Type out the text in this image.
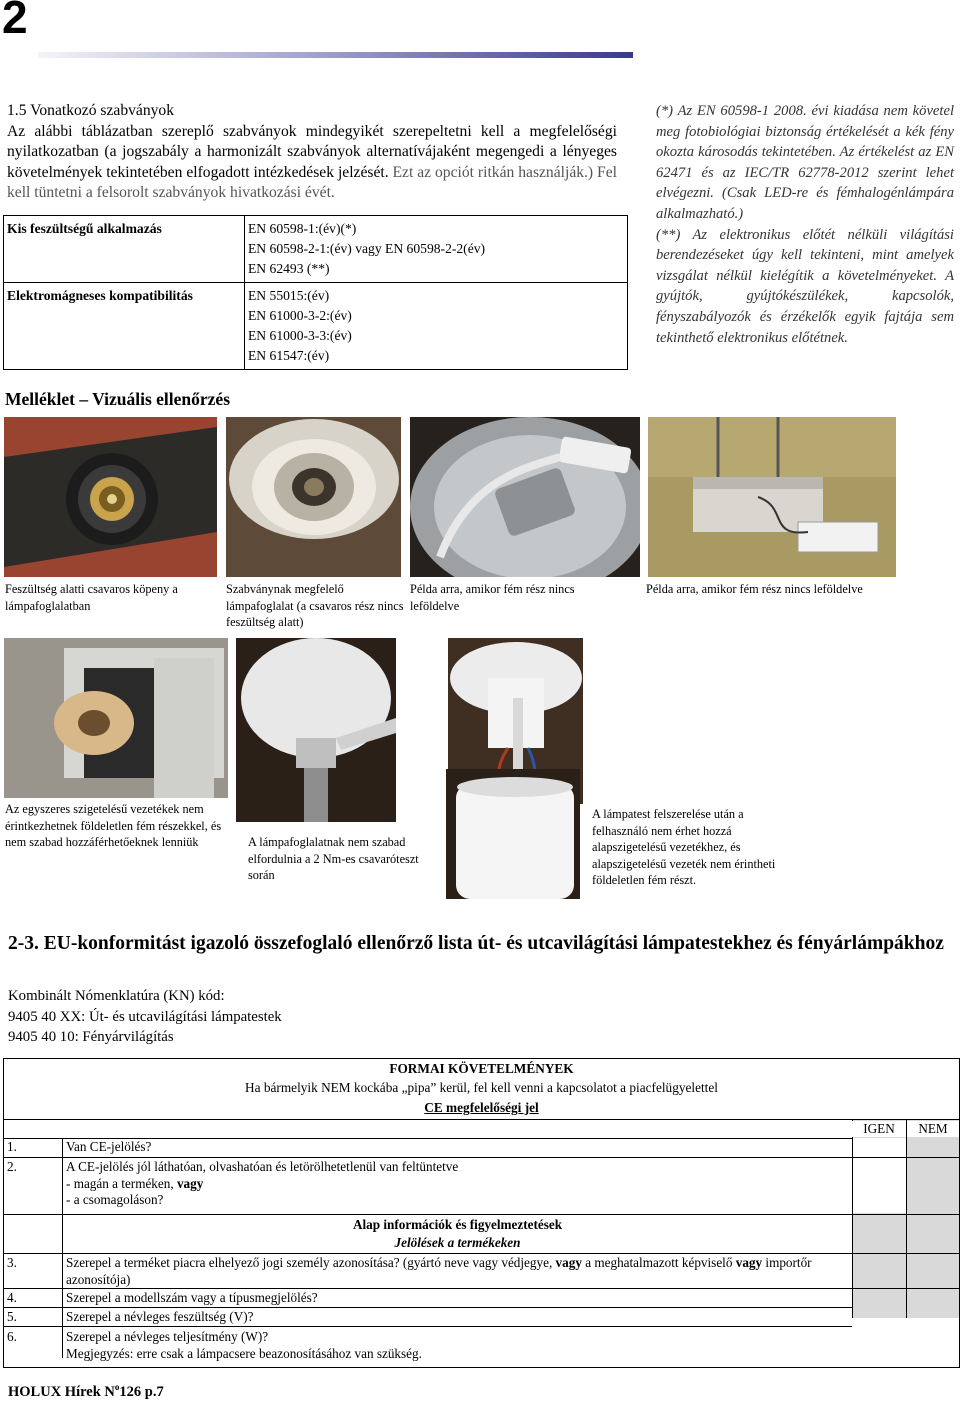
2
1.5 Vonatkozó szabványok
Az alábbi táblázatban szereplő szabványok mindegyikét szerepeltetni kell a megfelelőségi nyilatkozatban (a jogszabály a harmonizált szabványok alternatívájaként megengedi a lényeges követelmények tekintetében elfogadott intézkedések jelzését. Ezt az opciót ritkán használják.) Fel kell tüntetni a felsorolt szabványok hivatkozási évét.
Kis feszültségű alkalmazás	EN 60598-1:(év)(*)
EN 60598-2-1:(év) vagy EN 60598-2-2(év)
EN 62493 (**)

Elektromágneses kompatibilitás	EN 55015:(év)
EN 61000-3-2:(év)
EN 61000-3-3:(év)
EN 61547:(év)
(*) Az EN 60598-1 2008. évi kiadása nem követel meg fotobiológiai biztonság értékelését a kék fény okozta károsodás tekintetében. Az értékelést az EN 62471 és az IEC/TR 62778-2012 szerint lehet elvégezni. (Csak LED-re és fémhalogénlámpára alkalmazható.)
(**) Az elektronikus előtét nélküli világítási berendezéseket úgy kell tekinteni, mint amelyek vizsgálat nélkül kielégítik a követelményeket. A gyújtók, gyújtókészülékek, kapcsolók, fényszabályozók és érzékelők egyik fajtája sem tekinthető elektronikus előtétnek.
Melléklet – Vizuális ellenőrzés
Feszültség alatti csavaros köpeny a lámpafoglalatban
Szabványnak megfelelő lámpafoglalat (a csavaros rész nincs feszültség alatt)
Példa arra, amikor fém rész nincs leföldelve
Példa arra, amikor fém rész nincs leföldelve
Az egyszeres szigetelésű vezetékek nem érintkezhetnek földeletlen fém részekkel, és nem szabad hozzáférhetőeknek lenniük	A lámpafoglalatnak nem szabad elfordulnia a 2 Nm-es csavaróteszt során
A lámpatest felszerelése után a felhasználó nem érhet hozzá alapszigetelésű vezetékhez, és alapszigetelésű vezeték nem érintheti földeletlen fém részt.
2-3. EU-konformitást igazoló összefoglaló ellenőrző lista út- és utcavilágítási lámpatestekhez és fényárlámpákhoz
Kombinált Nómenklatúra (KN) kód:
9405 40 XX: Út- és utcavilágítási lámpatestek
9405 40 10: Fényárvilágítás
FORMAI KÖVETELMÉNYEK
Ha bármelyik NEM kockába „pipa” kerül, fel kell venni a kapcsolatot a piacfelügyelettel
CE megfelelőségi jel
IGEN	NEM
1.	Van CE-jelölés?
2.	A CE-jelölés jól láthatóan, olvashatóan és letörölhetetlenül van feltüntetve
- magán a terméken, vagy
- a csomagoláson?
Alap információk és figyelmeztetések
Jelölések a termékeken
3.	Szerepel a terméket piacra elhelyező jogi személy azonosítása? (gyártó neve vagy védjegye, vagy a meghatalmazott képviselő vagy importőr azonosítója)
4.	Szerepel a modellszám vagy a típusmegjelölés?
5.	Szerepel a névleges feszültség (V)?
6.	Szerepel a névleges teljesítmény (W)?
Megjegyzés: erre csak a lámpacsere beazonosításához van szükség.
HOLUX Hírek $N^o126$ p.7
